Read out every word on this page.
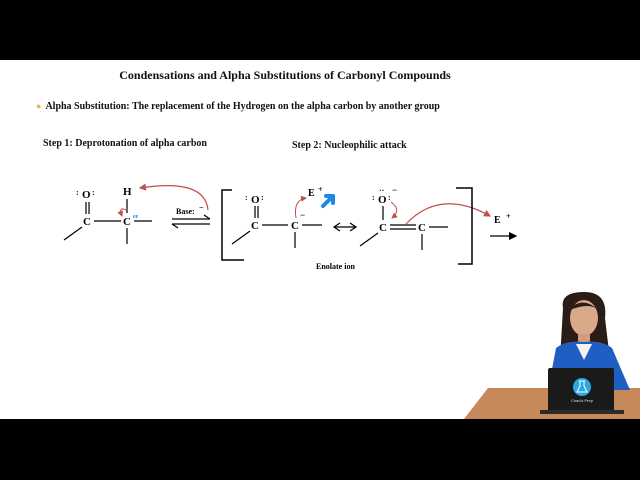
Condensations and Alpha Substitutions of Carbonyl Compounds
● Alpha Substitution: The replacement of the Hydrogen on the alpha carbon by another group
Step 1: Deprotonation of alpha carbon	Step 2: Nucleophilic attack
O
: :
C	C
H
ee
Base: −
O
: :
C	C
−
E +
O
: :
·· −
C	C
E +
Enolate ion
Chad's Prep
